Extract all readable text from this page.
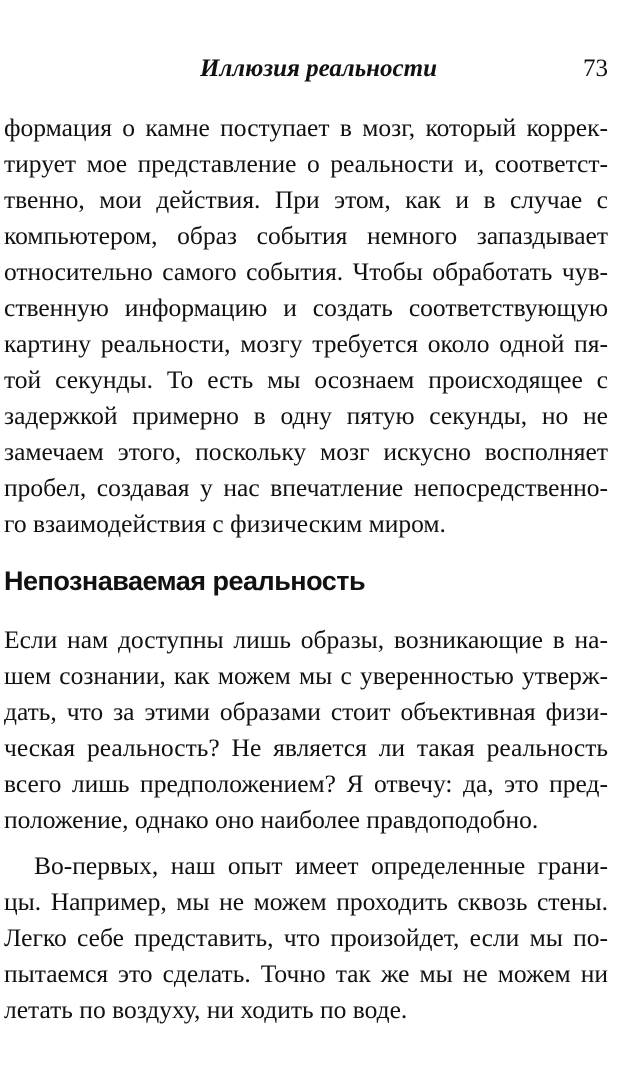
Иллюзия реальности	73
формация о камне поступает в мозг, который коррек-
тирует мое представление о реальности и, соответст-
твенно, мои действия. При этом, как и в случае с
компьютером, образ события немного запаздывает
относительно самого события. Чтобы обработать чув-
ственную информацию и создать соответствующую
картину реальности, мозгу требуется около одной пя-
той секунды. То есть мы осознаем происходящее с
задержкой примерно в одну пятую секунды, но не
замечаем этого, поскольку мозг искусно восполняет
пробел, создавая у нас впечатление непосредственно-
го взаимодействия с физическим миром.
Непознаваемая реальность
Если нам доступны лишь образы, возникающие в на-
шем сознании, как можем мы с уверенностью утверж-
дать, что за этими образами стоит объективная физи-
ческая реальность? Не является ли такая реальность
всего лишь предположением? Я отвечу: да, это пред-
положение, однако оно наиболее правдоподобно.
Во-первых, наш опыт имеет определенные грани-
цы. Например, мы не можем проходить сквозь стены.
Легко себе представить, что произойдет, если мы по-
пытаемся это сделать. Точно так же мы не можем ни
летать по воздуху, ни ходить по воде.
